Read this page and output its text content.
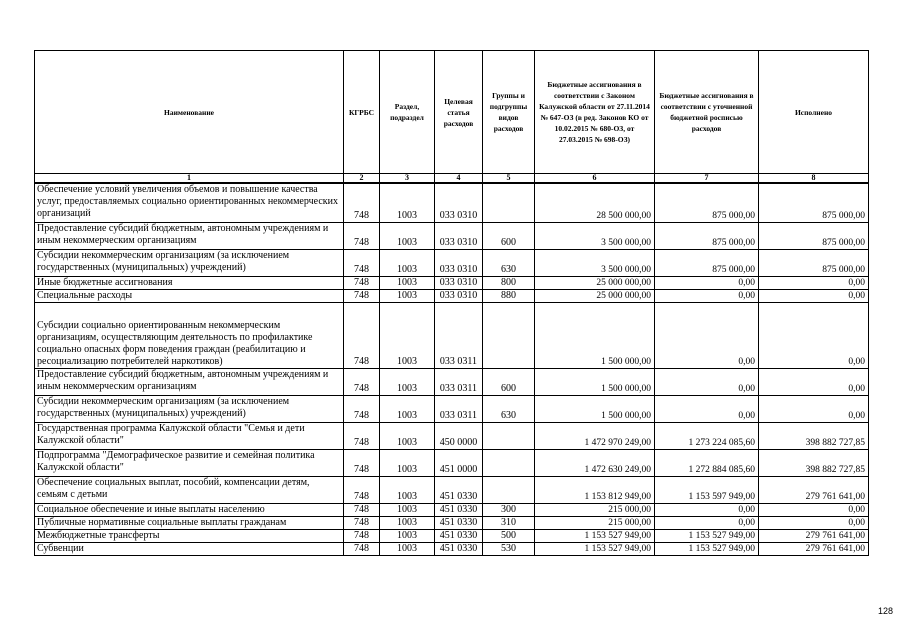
Наименование	КГРБС	Раздел, подраздел	Целевая статья расходов	Группы и подгруппы видов расходов	Бюджетные ассигнования в соответствии с Законом Калужской области от 27.11.2014 № 647-ОЗ (в ред. Законов КО от 10.02.2015 № 680-ОЗ, от 27.03.2015 № 698-ОЗ)	Бюджетные ассигнования в соответствии с уточненной бюджетной росписью расходов	Исполнено
1	2	3	4	5	6	7	8
Обеспечение условий увеличения объемов и повышение качества услуг, предоставляемых социально ориентированных некоммерческих организаций	748	1003	033 0310		28 500 000,00	875 000,00	875 000,00
Предоставление субсидий бюджетным, автономным учреждениям и иным некоммерческим организациям	748	1003	033 0310	600	3 500 000,00	875 000,00	875 000,00
Субсидии некоммерческим организациям (за исключением государственных (муниципальных) учреждений)	748	1003	033 0310	630	3 500 000,00	875 000,00	875 000,00
Иные бюджетные ассигнования	748	1003	033 0310	800	25 000 000,00	0,00	0,00
Специальные расходы	748	1003	033 0310	880	25 000 000,00	0,00	0,00
Субсидии социально ориентированным некоммерческим организациям, осуществляющим деятельность по профилактике социально опасных форм поведения граждан (реабилитацию и ресоциализацию потребителей наркотиков)	748	1003	033 0311		1 500 000,00	0,00	0,00
Предоставление субсидий бюджетным, автономным учреждениям и иным некоммерческим организациям	748	1003	033 0311	600	1 500 000,00	0,00	0,00
Субсидии некоммерческим организациям (за исключением государственных (муниципальных) учреждений)	748	1003	033 0311	630	1 500 000,00	0,00	0,00
Государственная программа Калужской области "Семья и дети Калужской области"	748	1003	450 0000		1 472 970 249,00	1 273 224 085,60	398 882 727,85
Подпрограмма "Демографическое развитие и семейная политика Калужской области"	748	1003	451 0000		1 472 630 249,00	1 272 884 085,60	398 882 727,85
Обеспечение социальных выплат, пособий, компенсации детям, семьям с детьми	748	1003	451 0330		1 153 812 949,00	1 153 597 949,00	279 761 641,00
Социальное обеспечение и иные выплаты населению	748	1003	451 0330	300	215 000,00	0,00	0,00
Публичные нормативные социальные выплаты гражданам	748	1003	451 0330	310	215 000,00	0,00	0,00
Межбюджетные трансферты	748	1003	451 0330	500	1 153 527 949,00	1 153 527 949,00	279 761 641,00
Субвенции	748	1003	451 0330	530	1 153 527 949,00	1 153 527 949,00	279 761 641,00
128
